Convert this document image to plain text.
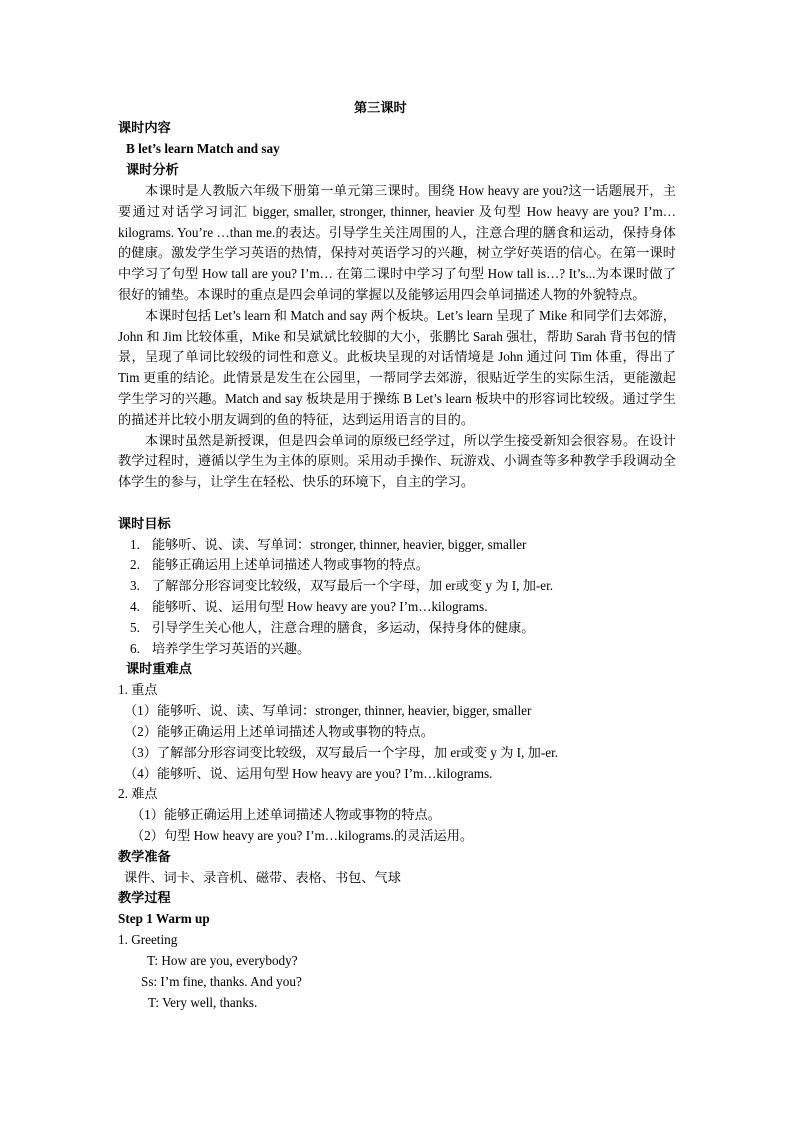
第三课时
课时内容
B let’s learn Match and say
课时分析

本课时是人教版六年级下册第一单元第三课时。围绕 How heavy are you?这一话题展开，主要通过对话学习词汇 bigger, smaller, stronger, thinner, heavier 及句型 How heavy are you? I’m…kilograms. You’re …than me.的表达。引导学生关注周围的人，注意合理的膳食和运动，保持身体的健康。激发学生学习英语的热情，保持对英语学习的兴趣，树立学好英语的信心。在第一课时中学习了句型 How tall are you? I’m… 在第二课时中学习了句型 How tall is…? It’s...为本课时做了很好的铺垫。本课时的重点是四会单词的掌握以及能够运用四会单词描述人物的外貌特点。

本课时包括 Let’s learn 和 Match and say 两个板块。Let’s learn 呈现了 Mike 和同学们去郊游，John 和 Jim 比较体重，Mike 和吴斌斌比较脚的大小，张鹏比 Sarah 强壮，帮助 Sarah 背书包的情景，呈现了单词比较级的词性和意义。此板块呈现的对话情境是 John 通过问 Tim 体重，得出了 Tim 更重的结论。此情景是发生在公园里，一帮同学去郊游，很贴近学生的实际生活，更能激起学生学习的兴趣。Match and say 板块是用于操练 B Let’s learn 板块中的形容词比较级。通过学生的描述并比较小朋友调到的鱼的特征，达到运用语言的目的。

本课时虽然是新授课，但是四会单词的原级已经学过，所以学生接受新知会很容易。在设计教学过程时，遵循以学生为主体的原则。采用动手操作、玩游戏、小调查等多种教学手段调动全体学生的参与，让学生在轻松、快乐的环境下，自主的学习。

课时目标
1. 能够听、说、读、写单词：stronger, thinner, heavier, bigger, smaller
2. 能够正确运用上述单词描述人物或事物的特点。
3. 了解部分形容词变比较级，双写最后一个字母，加 er或变 y 为 I, 加-er.
4. 能够听、说、运用句型 How heavy are you? I’m…kilograms.
5. 引导学生关心他人，注意合理的膳食，多运动，保持身体的健康。
6. 培养学生学习英语的兴趣。
课时重难点
1. 重点
（1）能够听、说、读、写单词：stronger, thinner, heavier, bigger, smaller
（2）能够正确运用上述单词描述人物或事物的特点。
（3）了解部分形容词变比较级，双写最后一个字母，加 er或变 y 为 I, 加-er.
（4）能够听、说、运用句型 How heavy are you? I’m…kilograms.
2. 难点
（1）能够正确运用上述单词描述人物或事物的特点。
（2）句型 How heavy are you? I’m…kilograms.的灵活运用。
教学准备
课件、词卡、录音机、磁带、表格、书包、气球
教学过程
Step 1 Warm up
1. Greeting
T: How are you, everybody?
Ss: I’m fine, thanks. And you?
T: Very well, thanks.
